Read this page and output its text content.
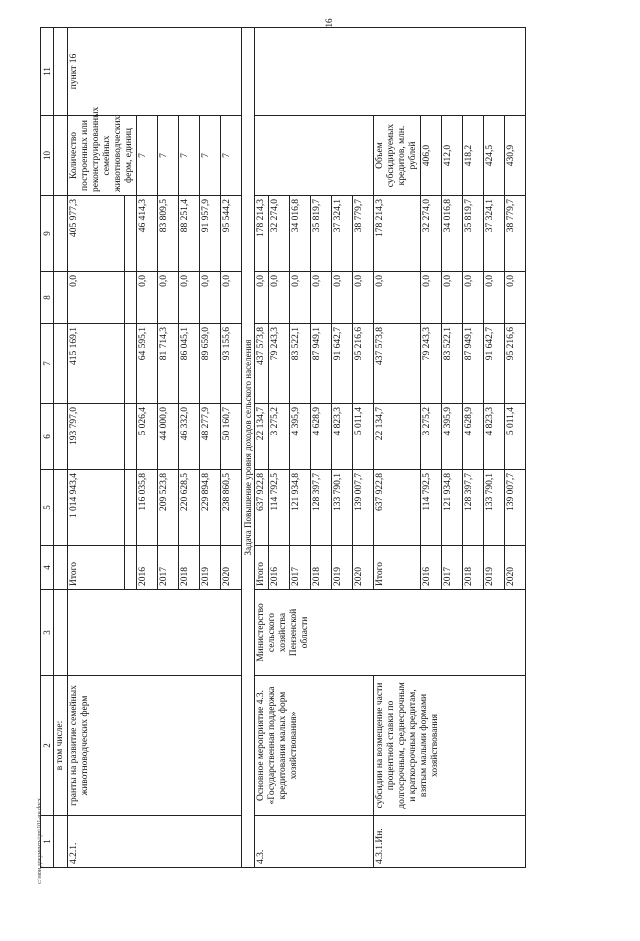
16
1	2	3	4	5	6	7	8	9	10	11
	в том числе:									
4.2.1.	гранты на развитие семейных животноводческих ферм		Итого	1 014 943,4	193 797,0	415 169,1	0,0	405 977,3	Количество построенных или реконструированных семейных животноводческих ферм, единиц	пункт 16

			2016	116 035,8	5 026,4	64 595,1	0,0	46 414,3	7	
			2017	209 523,8	44 000,0	81 714,3	0,0	83 809,5	7	
			2018	220 628,5	46 332,0	86 045,1	0,0	88 251,4	7	
			2019	229 894,8	48 277,9	89 659,0	0,0	91 957,9	7	
			2020	238 860,5	50 160,7	93 155,6	0,0	95 544,2	7	
Задача Повышение уровня доходов сельского населения										
4.3.	Основное мероприятие 4.3. «Государственная поддержка кредитования малых форм хозяйствования»	Министерство сельского хозяйства Пензенской области	Итого	637 922,8	22 134,7	437 573,8	0,0	178 214,3		
			2016	114 792,5	3 275,2	79 243,3	0,0	32 274,0		
			2017	121 934,8	4 395,9	83 522,1	0,0	34 016,8		
			2018	128 397,7	4 628,9	87 949,1	0,0	35 819,7		
			2019	133 790,1	4 823,3	91 642,7	0,0	37 324,1		
			2020	139 007,7	5 011,4	95 216,6	0,0	38 779,7		
4.3.1.Ин.	субсидии на возмещение части процентной ставки по долгосрочным, среднесрочным и краткосрочным кредитам, взятым малыми формами хозяйствования		Итого	637 922,8	22 134,7	437 573,8	0,0	178 214,3	Объем субсидируемых кредитов, млн. рублей	
			2016	114 792,5	3 275,2	79 243,3	0,0	32 274,0	406,0	
			2017	121 934,8	4 395,9	83 522,1	0,0	34 016,8	412,0	
			2018	128 397,7	4 628,9	87 949,1	0,0	35 819,7	418,2	
			2019	133 790,1	4 823,3	91 642,7	0,0	37 324,1	424,5	
			2020	139 007,7	5 011,4	95 216,6	0,0	38 779,7	430,9	
c:\мои документы\рп\101-ии.docx
